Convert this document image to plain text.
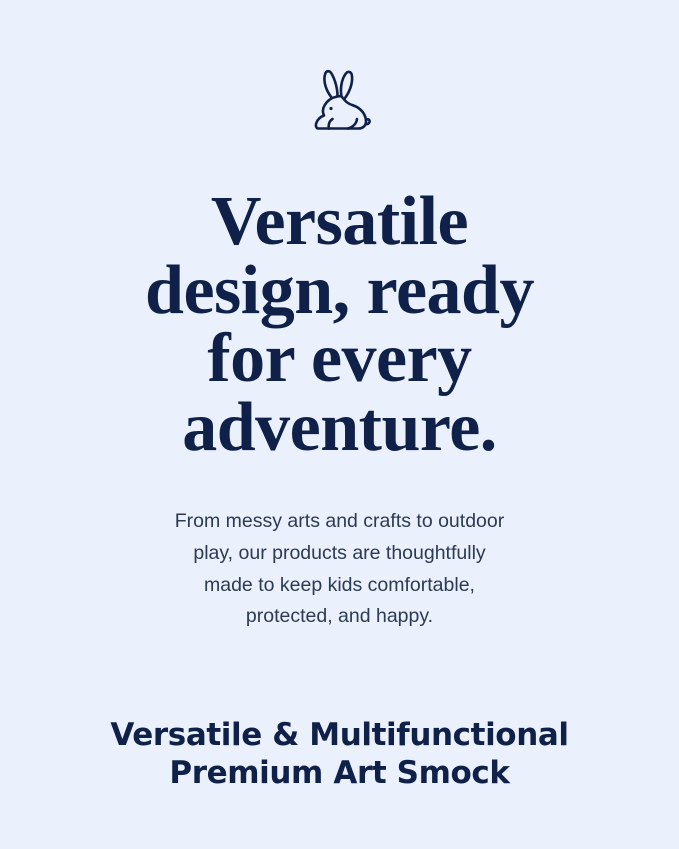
Versatile
design, ready
for every
adventure.
From messy arts and crafts to outdoor
play, our products are thoughtfully
made to keep kids comfortable,
protected, and happy.
Versatile & Multifunctional
Premium Art Smock
